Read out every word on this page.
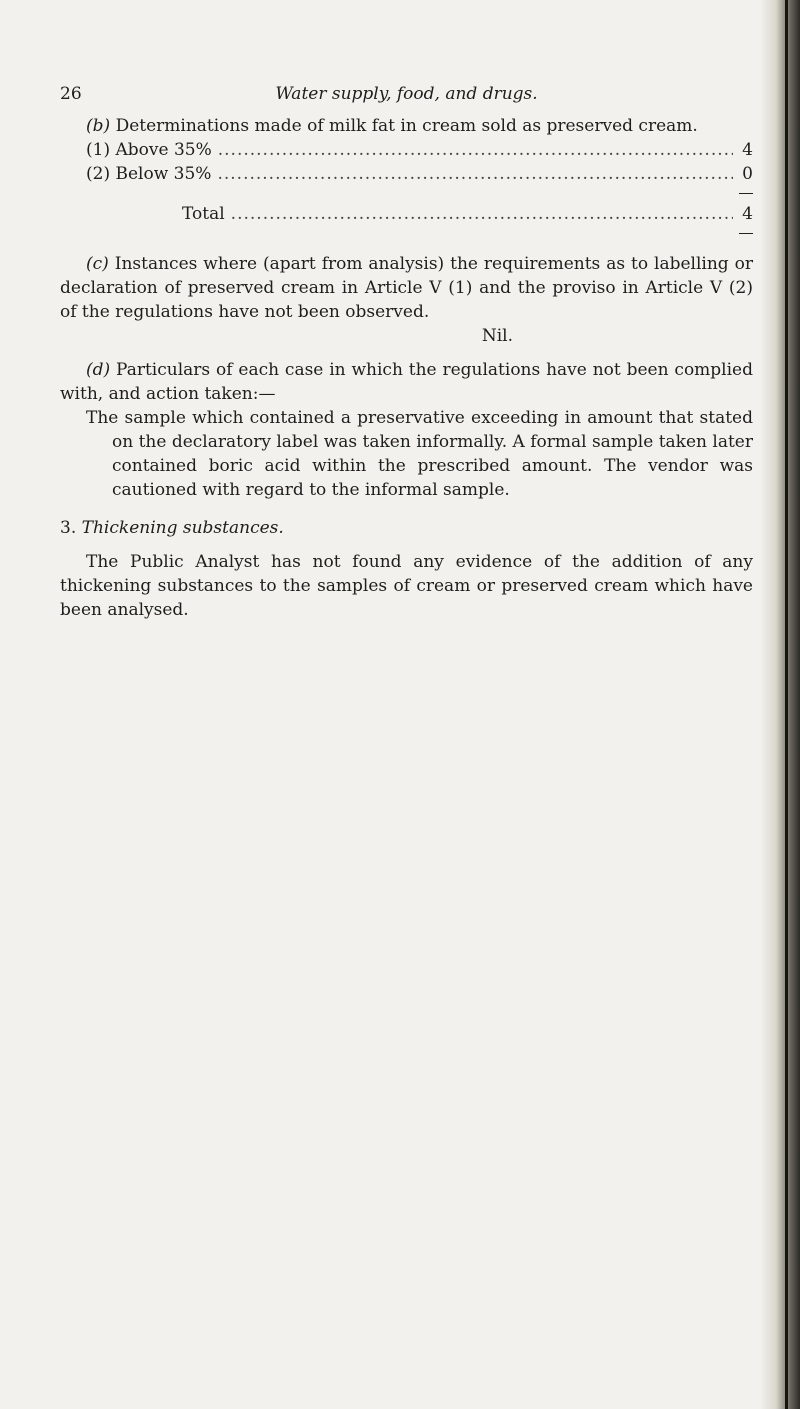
26	Water supply, food, and drugs.

(b) Determinations made of milk fat in cream sold as preserved cream.

(1) Above 35% .....	4
(2) Below 35% .....	0
Total .....	4

(c) Instances where (apart from analysis) the requirements as to labelling or declaration of preserved cream in Article V (1) and the proviso in Article V (2) of the regulations have not been observed.

Nil.

(d) Particulars of each case in which the regulations have not been complied with, and action taken:—

The sample which contained a preservative exceeding in amount that stated on the declaratory label was taken informally. A formal sample taken later contained boric acid within the prescribed amount. The vendor was cautioned with regard to the informal sample.

3. Thickening substances.

The Public Analyst has not found any evidence of the addition of any thickening substances to the samples of cream or preserved cream which have been analysed.
